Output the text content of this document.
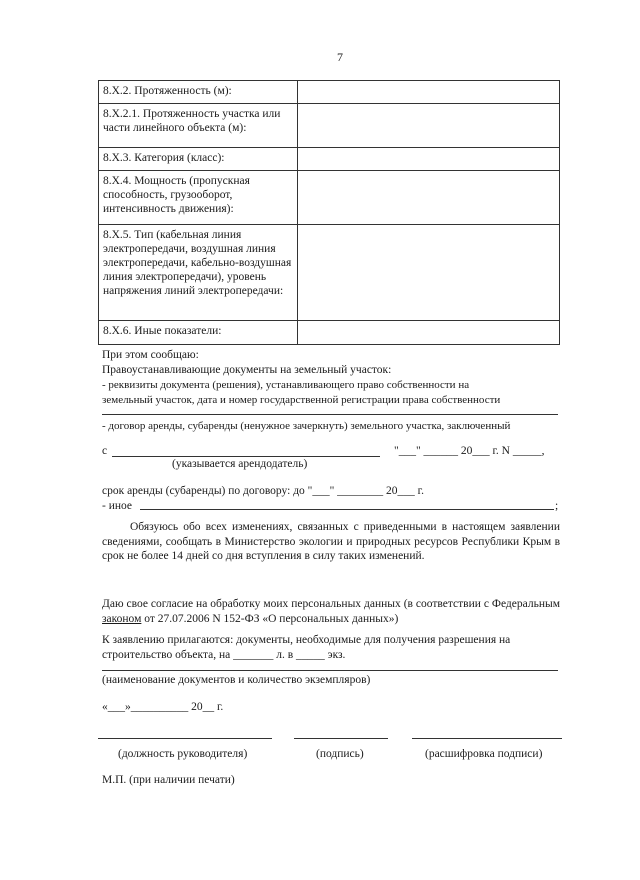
7
8.X.2. Протяженность (м):	
8.X.2.1. Протяженность участка или части линейного объекта (м):	
8.X.3. Категория (класс):	
8.X.4. Мощность (пропускная способность, грузооборот, интенсивность движения):	
8.X.5. Тип (кабельная линия электропередачи, воздушная линия электропередачи, кабельно-воздушная линия электропередачи), уровень напряжения линий электропередачи:	
8.X.6. Иные показатели:	
При этом сообщаю:
Правоустанавливающие документы на земельный участок:
- реквизиты документа (решения), устанавливающего право собственности на
земельный участок, дата и номер государственной регистрации права собственности
- договор аренды, субаренды (ненужное зачеркнуть) земельного участка, заключенный
с	"___" ______ 20___ г. N _____,
(указывается арендодатель)
срок аренды (субаренды) по договору: до "___" ________ 20___ г.
- иное	;
Обязуюсь обо всех изменениях, связанных с приведенными в настоящем заявлении сведениями, сообщать в Министерство экологии и природных ресурсов Республики Крым в срок не более 14 дней со дня вступления в силу таких изменений.
Даю свое согласие на обработку моих персональных данных (в соответствии с Федеральным законом от 27.07.2006 N 152-ФЗ «О персональных данных»)
К заявлению прилагаются: документы, необходимые для получения разрешения на
строительство объекта, на _______ л. в _____ экз.
(наименование документов и количество экземпляров)
«___»__________ 20__ г.
(должность руководителя)	(подпись)	(расшифровка подписи)
М.П. (при наличии печати)
